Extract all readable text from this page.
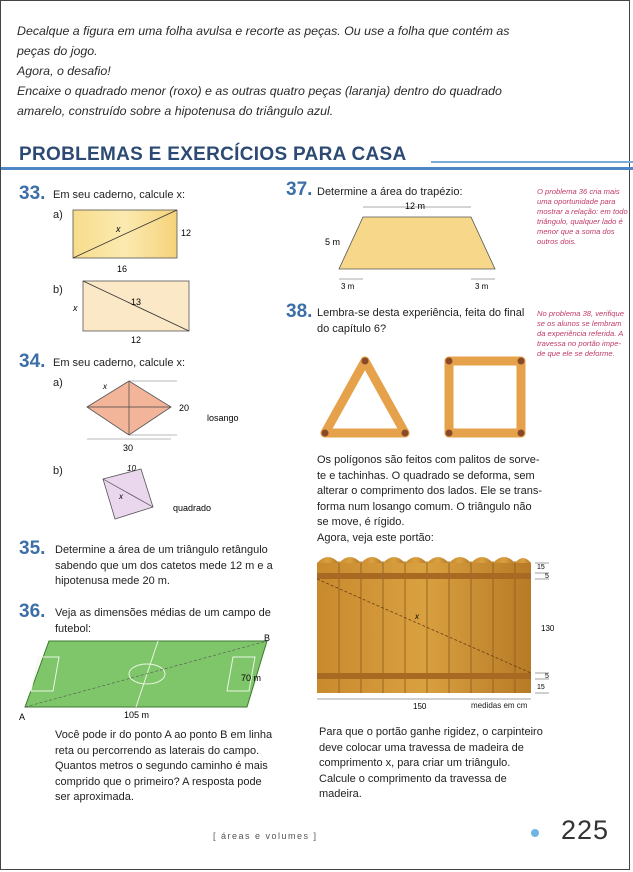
Decalque a figura em uma folha avulsa e recorte as peças. Ou use a folha que contém as

peças do jogo.

Agora, o desafio!

Encaixe o quadrado menor (roxo) e as outras quatro peças (laranja) dentro do quadrado

amarelo, construído sobre a hipotenusa do triângulo azul.

PROBLEMAS E EXERCÍCIOS PARA CASA
33. Em seu caderno, calcule x:
a)
12
16
x
b)
x
13
12
34. Em seu caderno, calcule x:
a)	x
20
30
losango
b)	10
x
quadrado
35. Determine a área de um triângulo retângulo
sabendo que um dos catetos mede 12 m e a
hipotenusa mede 20 m.
36. Veja as dimensões médias de um campo de
futebol:
A
B
105 m
70 m
Você pode ir do ponto A ao ponto B em linha
reta ou percorrendo as laterais do campo.
Quantos metros o segundo caminho é mais
comprido que o primeiro? A resposta pode
ser aproximada.
37. Determine a área do trapézio:
12 m
5 m
3 m	3 m
O problema 36 cria mais
uma oportunidade para
mostrar a relação: em todo
triângulo, qualquer lado é
menor que a soma dos
outros dois.
38. Lembra-se desta experiência, feita do final
do capítulo 6?
No problema 38, verifique
se os alunos se lembram
da experiência referida. A
travessa no portão impe-
de que ele se deforme.
Os polígonos são feitos com palitos de sorve-
te e tachinhas. O quadrado se deforma, sem
alterar o comprimento dos lados. Ele se trans-
forma num losango comum. O triângulo não
se move, é rígido.
Agora, veja este portão:
15
5
130
5
15
150
x
medidas em cm
Para que o portão ganhe rigidez, o carpinteiro
deve colocar uma travessa de madeira de
comprimento x, para criar um triângulo.
Calcule o comprimento da travessa de
madeira.
[ áreas e volumes ]	225
